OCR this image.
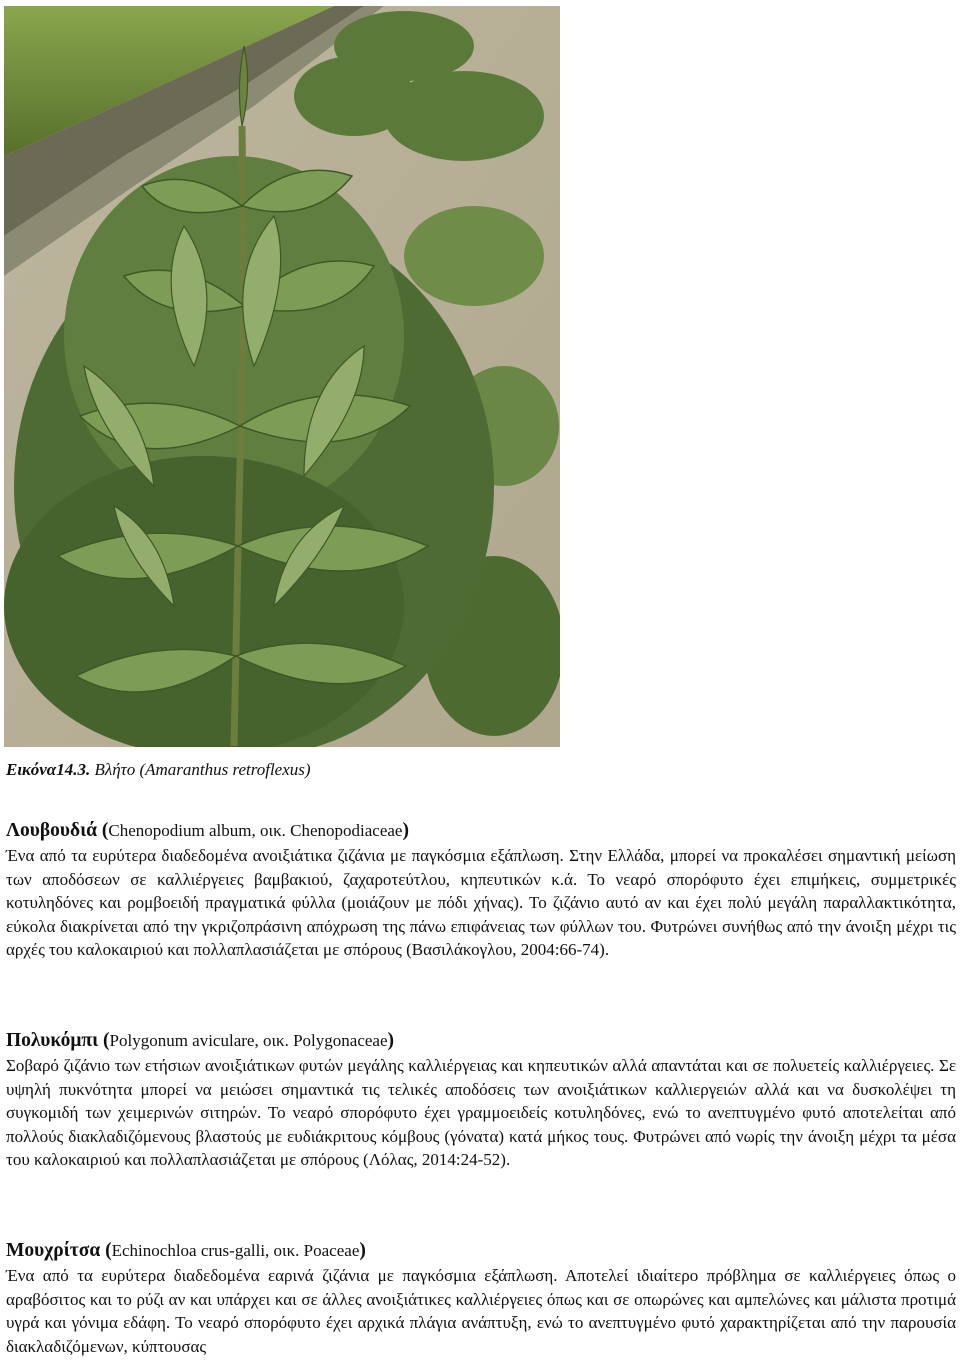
Εικόνα14.3. Βλήτο (Amaranthus retroflexus)
Λουβουδιά (Chenopodium album, οικ. Chenopodiaceae)

Ένα από τα ευρύτερα διαδεδομένα ανοιξιάτικα ζιζάνια με παγκόσμια εξάπλωση. Στην Ελλάδα, μπορεί να προκαλέσει σημαντική μείωση των αποδόσεων σε καλλιέργειες βαμβακιού, ζαχαροτεύτλου, κηπευτικών κ.ά. Το νεαρό σπορόφυτο έχει επιμήκεις, συμμετρικές κοτυληδόνες και ρομβοειδή πραγματικά φύλλα (μοιάζουν με πόδι χήνας). Το ζιζάνιο αυτό αν και έχει πολύ μεγάλη παραλλακτικότητα, εύκολα διακρίνεται από την γκριζοπράσινη απόχρωση της πάνω επιφάνειας των φύλλων του. Φυτρώνει συνήθως από την άνοιξη μέχρι τις αρχές του καλοκαιριού και πολλαπλασιάζεται με σπόρους (Βασιλάκογλου, 2004:66-74).

Πολυκόμπι (Polygonum aviculare, οικ. Polygonaceae)

Σοβαρό ζιζάνιο των ετήσιων ανοιξιάτικων φυτών μεγάλης καλλιέργειας και κηπευτικών αλλά απαντάται και σε πολυετείς καλλιέργειες. Σε υψηλή πυκνότητα μπορεί να μειώσει σημαντικά τις τελικές αποδόσεις των ανοιξιάτικων καλλιεργειών αλλά και να δυσκολέψει τη συγκομιδή των χειμερινών σιτηρών. Το νεαρό σπορόφυτο έχει γραμμοειδείς κοτυληδόνες, ενώ το ανεπτυγμένο φυτό αποτελείται από πολλούς διακλαδιζόμενους βλαστούς με ευδιάκριτους κόμβους (γόνατα) κατά μήκος τους. Φυτρώνει από νωρίς την άνοιξη μέχρι τα μέσα του καλοκαιριού και πολλαπλασιάζεται με σπόρους (Λόλας, 2014:24-52).

Μουχρίτσα (Echinochloa crus-galli, οικ. Poaceae)

Ένα από τα ευρύτερα διαδεδομένα εαρινά ζιζάνια με παγκόσμια εξάπλωση. Αποτελεί ιδιαίτερο πρόβλημα σε καλλιέργειες όπως ο αραβόσιτος και το ρύζι αν και υπάρχει και σε άλλες ανοιξιάτικες καλλιέργειες όπως και σε οπωρώνες και αμπελώνες και μάλιστα προτιμά υγρά και γόνιμα εδάφη. Το νεαρό σπορόφυτο έχει αρχικά πλάγια ανάπτυξη, ενώ το ανεπτυγμένο φυτό χαρακτηρίζεται από την παρουσία διακλαδιζόμενων, κύπτουσας
